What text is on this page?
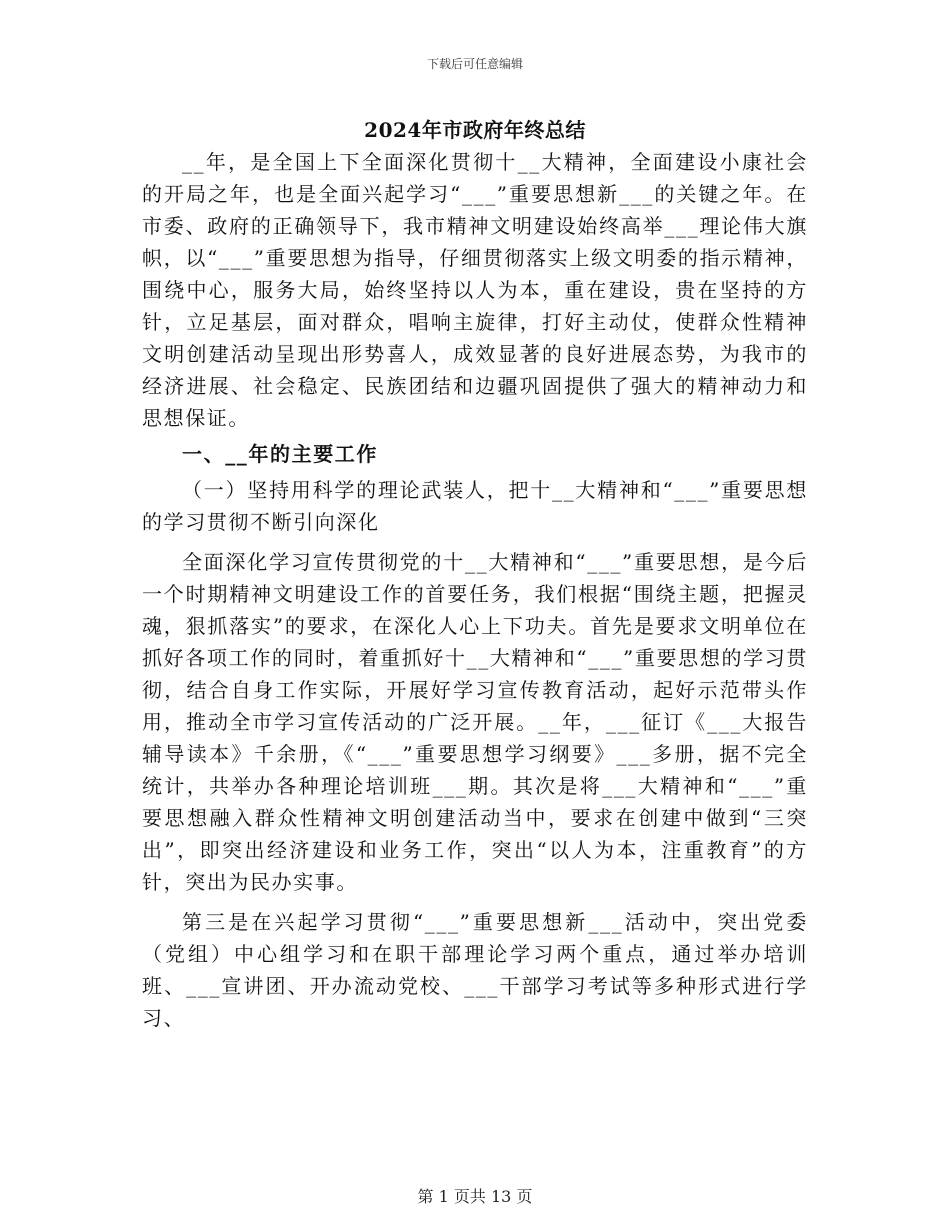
下载后可任意编辑
2024年市政府年终总结

__年，是全国上下全面深化贯彻十__大精神，全面建设小康社会的开局之年，也是全面兴起学习“___”重要思想新___的关键之年。在市委、政府的正确领导下，我市精神文明建设始终高举___理论伟大旗帜，以“___”重要思想为指导，仔细贯彻落实上级文明委的指示精神，围绕中心，服务大局，始终坚持以人为本，重在建设，贵在坚持的方针，立足基层，面对群众，唱响主旋律，打好主动仗，使群众性精神文明创建活动呈现出形势喜人，成效显著的良好进展态势，为我市的经济进展、社会稳定、民族团结和边疆巩固提供了强大的精神动力和思想保证。

一、__年的主要工作

（一）坚持用科学的理论武装人，把十__大精神和“___”重要思想的学习贯彻不断引向深化

全面深化学习宣传贯彻党的十__大精神和“___”重要思想，是今后一个时期精神文明建设工作的首要任务，我们根据“围绕主题，把握灵魂，狠抓落实”的要求，在深化人心上下功夫。首先是要求文明单位在抓好各项工作的同时，着重抓好十__大精神和“___”重要思想的学习贯彻，结合自身工作实际，开展好学习宣传教育活动，起好示范带头作用，推动全市学习宣传活动的广泛开展。__年，___征订《___大报告辅导读本》千余册，《“___”重要思想学习纲要》___多册，据不完全统计，共举办各种理论培训班___期。其次是将___大精神和“___”重要思想融入群众性精神文明创建活动当中，要求在创建中做到“三突出”，即突出经济建设和业务工作，突出“以人为本，注重教育”的方针，突出为民办实事。

第三是在兴起学习贯彻“___”重要思想新___活动中，突出党委（党组）中心组学习和在职干部理论学习两个重点，通过举办培训班、___宣讲团、开办流动党校、___干部学习考试等多种形式进行学习、

第 1 页共 13 页
